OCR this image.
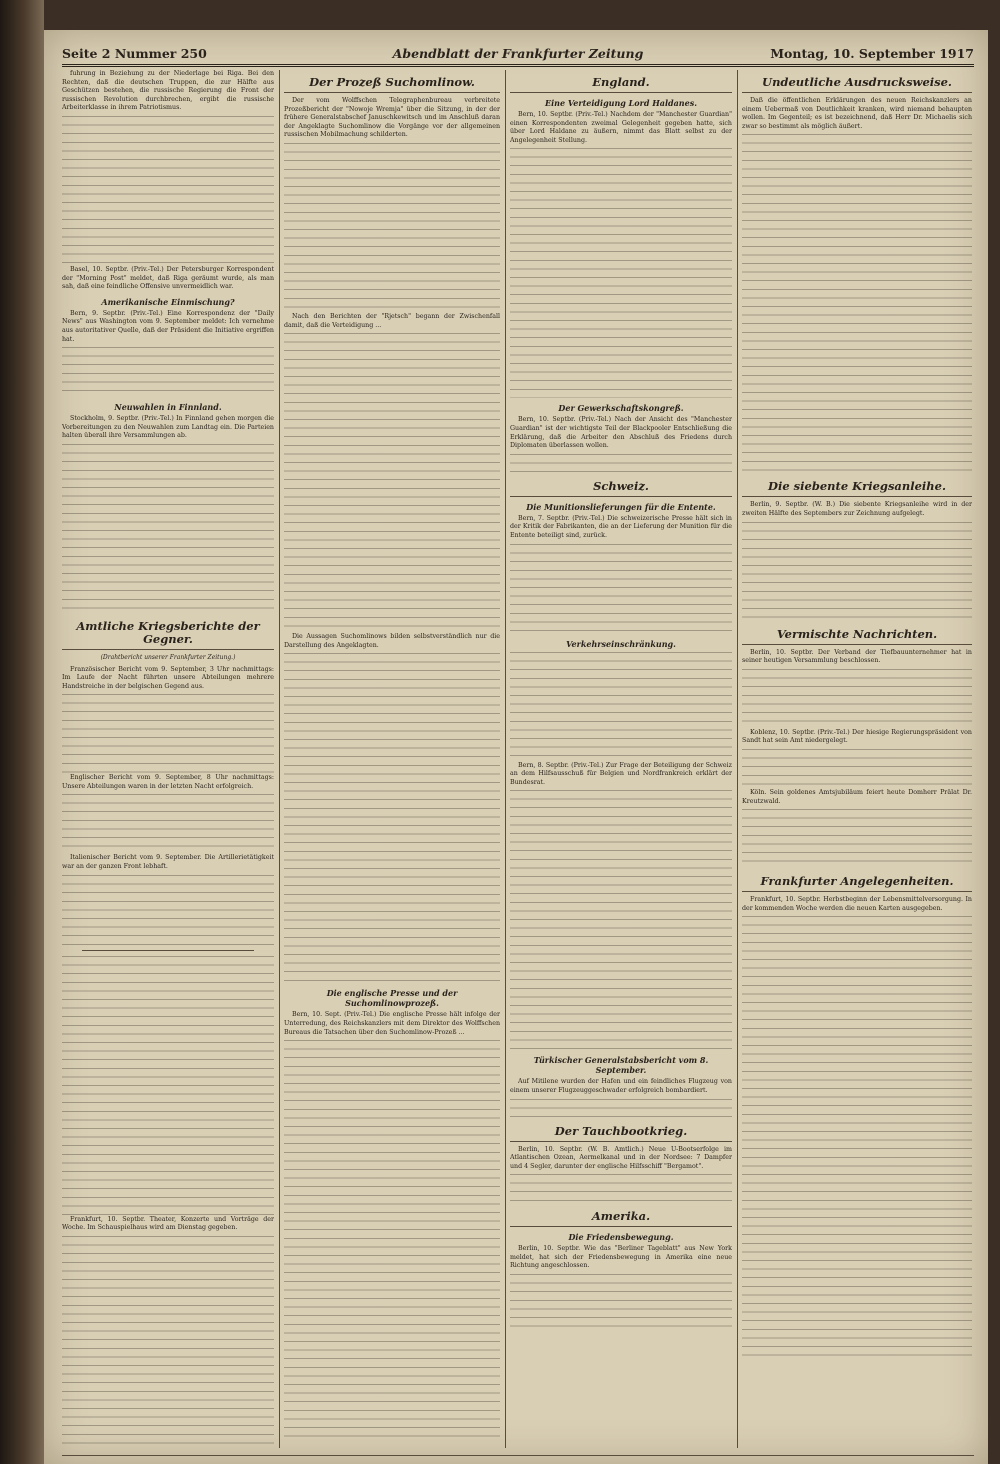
Seite 2 Nummer 250	Abendblatt der Frankfurter Zeitung	Montag, 10. September 1917

fuhrung in Beziehung zu der Niederlage bei Riga. Bei den Rechten, daß die deutschen Truppen, die zur Hälfte aus Geschützen bestehen, die russische Regierung die Front der russischen Revolution durchbrechen, ergibt die russische Arbeiterklasse in ihrem Patriotismus.

Basel, 10. Septbr. (Priv.-Tel.) Der Petersburger Korrespondent der "Morning Post" meldet, daß Riga geräumt wurde, als man sah, daß eine feindliche Offensive unvermeidlich war.

Amerikanische Einmischung?

Bern, 9. Septbr. (Priv.-Tel.) Eine Korrespondenz der "Daily News" aus Washington vom 9. September meldet: Ich vernehme aus autoritativer Quelle, daß der Präsident die Initiative ergriffen hat.

Neuwahlen in Finnland.

Stockholm, 9. Septbr. (Priv.-Tel.) In Finnland gehen morgen die Vorbereitungen zu den Neuwahlen zum Landtag ein. Die Parteien halten überall ihre Versammlungen ab.

Amtliche Kriegsberichte der Gegner.

(Drahtbericht unserer Frankfurter Zeitung.)

Französischer Bericht vom 9. September, 3 Uhr nachmittags: Im Laufe der Nacht führten unsere Abteilungen mehrere Handstreiche in der belgischen Gegend aus.

Englischer Bericht vom 9. September, 8 Uhr nachmittags: Unsere Abteilungen waren in der letzten Nacht erfolgreich.

Italienischer Bericht vom 9. September. Die Artillerietätigkeit war an der ganzen Front lebhaft.

Frankfurt, 10. Septbr. Theater, Konzerte und Vorträge der Woche. Im Schauspielhaus wird am Dienstag gegeben.

Der Prozeß Suchomlinow.

Der vom Wolffschen Telegraphenbureau verbreitete Prozeßbericht der "Nowoje Wremja" über die Sitzung, in der der frühere Generalstabschef Januschkewitsch und im Anschluß daran der Angeklagte Suchomlinow die Vorgänge vor der allgemeinen russischen Mobilmachung schilderten.

Nach den Berichten der "Rjetsch" begann der Zwischenfall damit, daß die Verteidigung ...

Die Aussagen Suchomlinows bilden selbstverständlich nur die Darstellung des Angeklagten.

Die englische Presse und der Suchomlinowprozeß.

Bern, 10. Sept. (Priv.-Tel.) Die englische Presse hält infolge der Unterredung, des Reichskanzlers mit dem Direktor des Wolffschen Bureaus die Tatsachen über den Suchomlinow-Prozeß ...

England.
Eine Verteidigung Lord Haldanes.

Bern, 10. Septbr. (Priv.-Tel.) Nachdem der "Manchester Guardian" einen Korrespondenten zweimal Gelegenheit gegeben hatte, sich über Lord Haldane zu äußern, nimmt das Blatt selbst zu der Angelegenheit Stellung.

Der Gewerkschaftskongreß.

Bern, 10. Septbr. (Priv.-Tel.) Nach der Ansicht des "Manchester Guardian" ist der wichtigste Teil der Blackpooler Entschließung die Erklärung, daß die Arbeiter den Abschluß des Friedens durch Diplomaten überlassen wollen.

Schweiz.
Die Munitionslieferungen für die Entente.

Bern, 7. Septbr. (Priv.-Tel.) Die schweizerische Presse hält sich in der Kritik der Fabrikanten, die an der Lieferung der Munition für die Entente beteiligt sind, zurück.

Verkehrseinschränkung.

Bern, 8. Septbr. (Priv.-Tel.) Zur Frage der Beteiligung der Schweiz an dem Hilfsausschuß für Belgien und Nordfrankreich erklärt der Bundesrat.

Türkischer Generalstabsbericht vom 8. September.

Auf Mitilene wurden der Hafen und ein feindliches Flugzeug von einem unserer Flugzeuggeschwader erfolgreich bombardiert.

Der Tauchbootkrieg.

Berlin, 10. Septbr. (W. B. Amtlich.) Neue U-Bootserfolge im Atlantischen Ozean, Aermelkanal und in der Nordsee: 7 Dampfer und 4 Segler, darunter der englische Hilfsschiff "Bergamot".

Amerika.
Die Friedensbewegung.

Berlin, 10. Septbr. Wie das "Berliner Tageblatt" aus New York meldet, hat sich der Friedensbewegung in Amerika eine neue Richtung angeschlossen.

Undeutliche Ausdrucksweise.

Daß die öffentlichen Erklärungen des neuen Reichskanzlers an einem Uebermaß von Deutlichkeit kranken, wird niemand behaupten wollen. Im Gegenteil; es ist bezeichnend, daß Herr Dr. Michaelis sich zwar so bestimmt als möglich äußert.

Die siebente Kriegsanleihe.

Berlin, 9. Septbr. (W. B.) Die siebente Kriegsanleihe wird in der zweiten Hälfte des Septembers zur Zeichnung aufgelegt.

Vermischte Nachrichten.

Berlin, 10. Septbr. Der Verband der Tiefbauunternehmer hat in seiner heutigen Versammlung beschlossen.

Koblenz, 10. Septbr. (Priv.-Tel.) Der hiesige Regierungspräsident von Sandt hat sein Amt niedergelegt.

Köln. Sein goldenes Amtsjubiläum feiert heute Domherr Prälat Dr. Kreutzwald.

Frankfurter Angelegenheiten.

Frankfurt, 10. Septbr. Herbstbeginn der Lebensmittelversorgung. In der kommenden Woche werden die neuen Karten ausgegeben.
